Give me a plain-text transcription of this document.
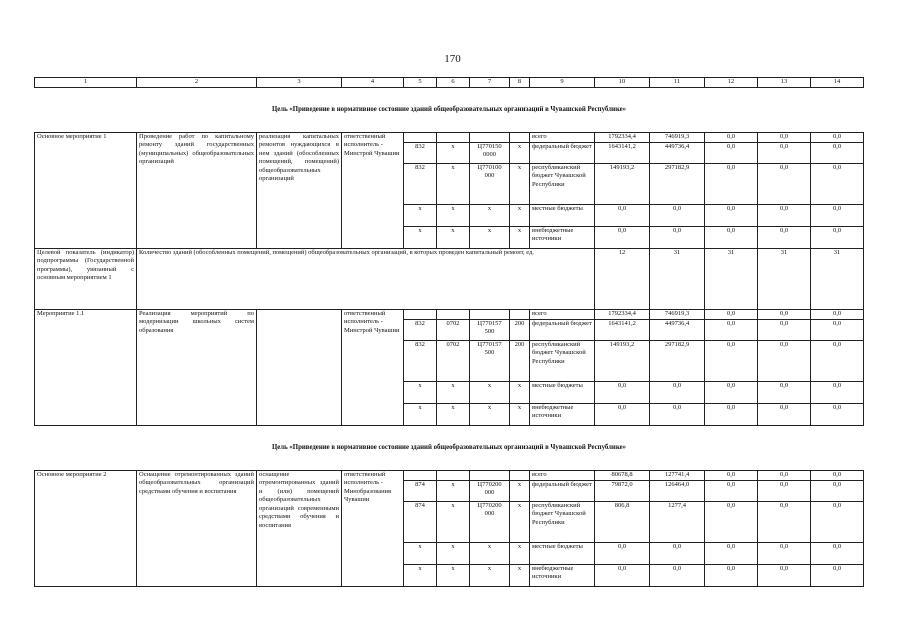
170
1	2	3	4	5	6	7	8	9	10	11	12	13	14

Цель «Приведение в нормативное состояние зданий общеобразовательных организаций в Чувашской Республике»													

Основное мероприятие 1	Проведение работ по капитальному ремонту зданий государственных (муниципальных) общеобразовательных организаций	реализация капитальных ремонтов нуждающихся в нем зданий (обособленных помещений, помещений) общеобразовательных организаций	ответственный исполнитель - Минстрой Чувашии					всего	1792334,4	746919,3	0,0	0,0	0,0
				832	x	Ц770150 0000	x	федеральный бюджет	1643141,2	449736,4	0,0	0,0	0,0
				832	x	Ц770100 000	x	республиканский бюджет Чувашской Республики	149193,2	297182,9	0,0	0,0	0,0
				x	x	x	x	местные бюджеты	0,0	0,0	0,0	0,0	0,0
				x	x	x	x	внебюджетные источники	0,0	0,0	0,0	0,0	0,0
Целевой показатель (индикатор) подпрограммы (Государственной программы), увязанный с основным мероприятием 1	Количество зданий (обособленных помещений, помещений) общеобразовательных организаций, в которых проведен капитальный ремонт, ед.								12	31	31	31	31
Мероприятие 1.1	Реализация мероприятий по модернизации школьных систем образования		ответственный исполнитель - Минстрой Чувашии					всего	1792334,4	746919,3	0,0	0,0	0,0
				832	0702	Ц770157 500	200	федеральный бюджет	1643141,2	449736,4	0,0	0,0	0,0
				832	0702	Ц770157 500	200	республиканский бюджет Чувашской Республики	149193,2	297182,9	0,0	0,0	0,0
				x	x	x	x	местные бюджеты	0,0	0,0	0,0	0,0	0,0
				x	x	x	x	внебюджетные источники	0,0	0,0	0,0	0,0	0,0

Цель «Приведение в нормативное состояние зданий общеобразовательных организаций в Чувашской Республике»													

Основное мероприятие 2	Оснащение отремонтированных зданий общеобразовательных организаций средствами обучения и воспитания	оснащение отремонтированных зданий и (или) помещений общеобразовательных организаций современными средствами обучения и воспитания	ответственный исполнитель - Минобразования Чувашии					всего	80678,8	127741,4	0,0	0,0	0,0
				874	x	Ц770200 000	x	федеральный бюджет	79872,0	126464,0	0,0	0,0	0,0
				874	x	Ц770200 000	x	республиканский бюджет Чувашской Республики	806,8	1277,4	0,0	0,0	0,0
				x	x	x	x	местные бюджеты	0,0	0,0	0,0	0,0	0,0
				x	x	x	x	внебюджетные источники	0,0	0,0	0,0	0,0	0,0
